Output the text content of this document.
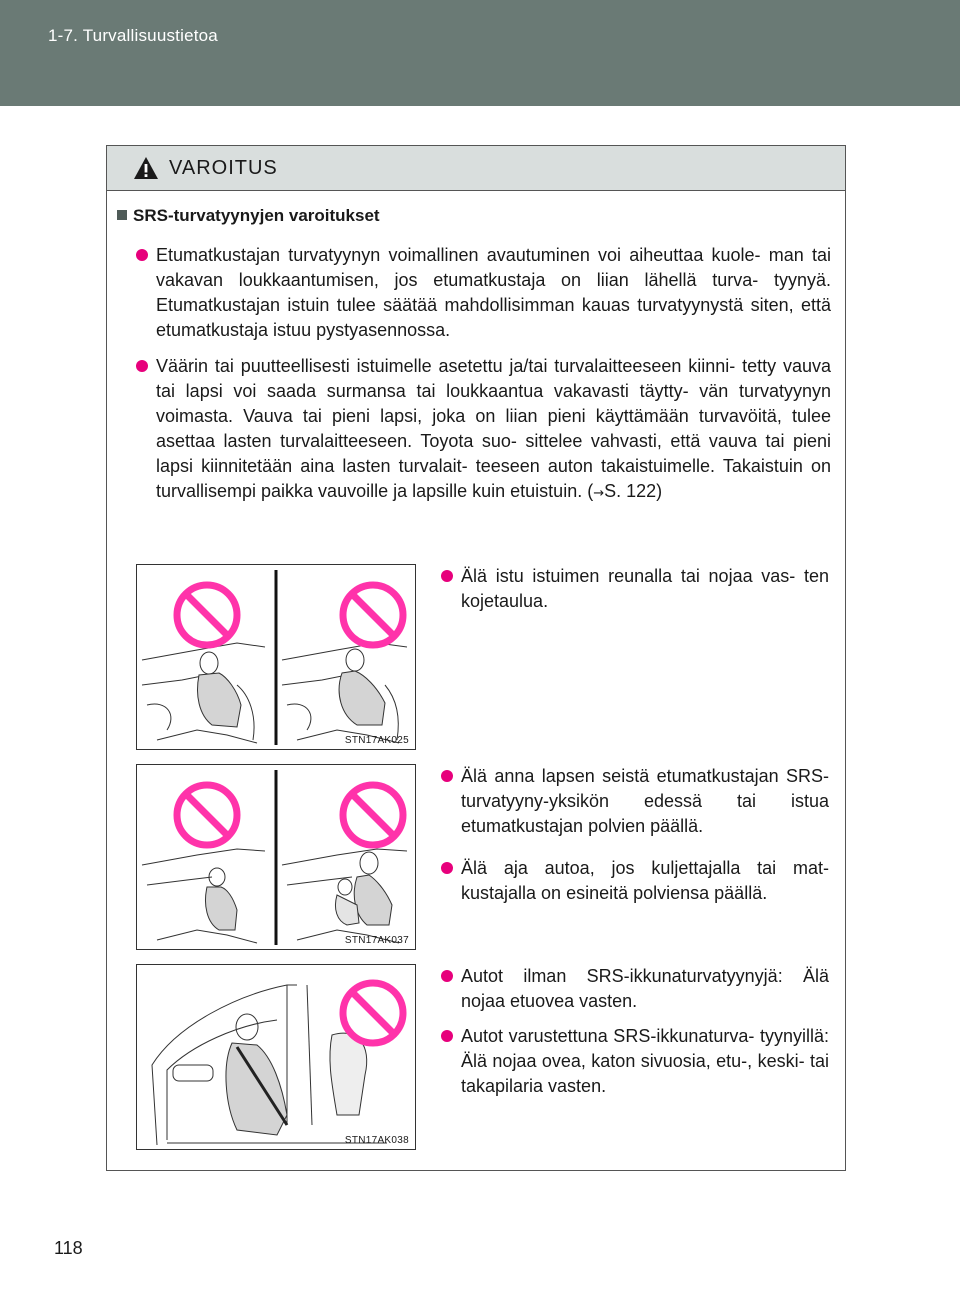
1-7. Turvallisuustietoa
VAROITUS
SRS-turvatyynyjen varoitukset
Etumatkustajan turvatyynyn voimallinen avautuminen voi aiheuttaa kuole- man tai vakavan loukkaantumisen, jos etumatkustaja on liian lähellä turva- tyynyä. Etumatkustajan istuin tulee säätää mahdollisimman kauas turvatyynystä siten, että etumatkustaja istuu pystyasennossa.
Väärin tai puutteellisesti istuimelle asetettu ja/tai turvalaitteeseen kiinni- tetty vauva tai lapsi voi saada surmansa tai loukkaantua vakavasti täytty- vän turvatyynyn voimasta. Vauva tai pieni lapsi, joka on liian pieni käyttämään turvavöitä, tulee asettaa lasten turvalaitteeseen. Toyota suo- sittelee vahvasti, että vauva tai pieni lapsi kiinnitetään aina lasten turvalait- teeseen auton takaistuimelle. Takaistuin on turvallisempi paikka vauvoille ja lapsille kuin etuistuin. (→S. 122)
STN17AK025
Älä istu istuimen reunalla tai nojaa vas- ten kojetaulua.
STN17AK037
Älä anna lapsen seistä etumatkustajan SRS-turvatyyny-yksikön edessä tai istua etumatkustajan polvien päällä.
Älä aja autoa, jos kuljettajalla tai mat- kustajalla on esineitä polviensa päällä.
STN17AK038
Autot ilman SRS-ikkunaturvatyynyjä: Älä nojaa etuovea vasten.
Autot varustettuna SRS-ikkunaturva- tyynyillä: Älä nojaa ovea, katon sivuosia, etu-, keski- tai takapilaria vasten.
118
